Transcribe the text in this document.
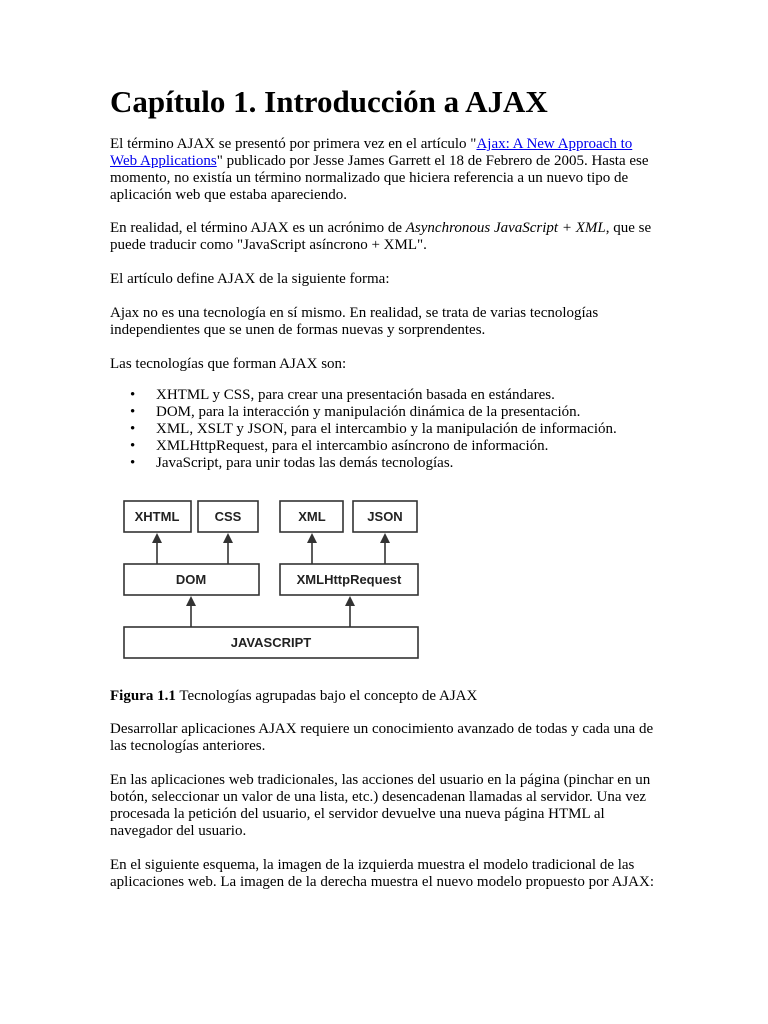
Capítulo 1. Introducción a AJAX

El término AJAX se presentó por primera vez en el artículo "Ajax: A New Approach to Web Applications" publicado por Jesse James Garrett el 18 de Febrero de 2005. Hasta ese momento, no existía un término normalizado que hiciera referencia a un nuevo tipo de aplicación web que estaba apareciendo.

En realidad, el término AJAX es un acrónimo de Asynchronous JavaScript + XML, que se puede traducir como "JavaScript asíncrono + XML".

El artículo define AJAX de la siguiente forma:

Ajax no es una tecnología en sí mismo. En realidad, se trata de varias tecnologías independientes que se unen de formas nuevas y sorprendentes.

Las tecnologías que forman AJAX son:

• XHTML y CSS, para crear una presentación basada en estándares.
• DOM, para la interacción y manipulación dinámica de la presentación.
• XML, XSLT y JSON, para el intercambio y la manipulación de información.
• XMLHttpRequest, para el intercambio asíncrono de información.
• JavaScript, para unir todas las demás tecnologías.
XHTML	CSS	XML	JSON
DOM	XMLHttpRequest
JAVASCRIPT

Figura 1.1 Tecnologías agrupadas bajo el concepto de AJAX

Desarrollar aplicaciones AJAX requiere un conocimiento avanzado de todas y cada una de las tecnologías anteriores.

En las aplicaciones web tradicionales, las acciones del usuario en la página (pinchar en un botón, seleccionar un valor de una lista, etc.) desencadenan llamadas al servidor. Una vez procesada la petición del usuario, el servidor devuelve una nueva página HTML al navegador del usuario.

En el siguiente esquema, la imagen de la izquierda muestra el modelo tradicional de las aplicaciones web. La imagen de la derecha muestra el nuevo modelo propuesto por AJAX:
